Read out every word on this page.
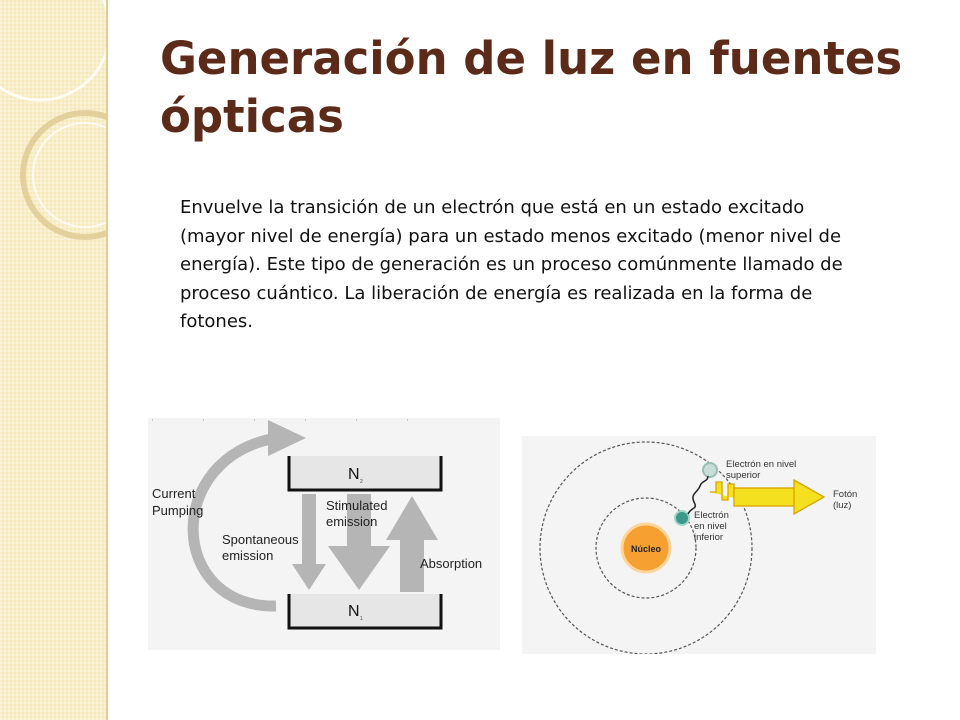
Generación de luz en fuentes ópticas

Envuelve la transición de un electrón que está en un estado excitado (mayor nivel de energía) para un estado menos excitado (menor nivel de energía). Este tipo de generación es un proceso comúnmente llamado de proceso cuántico. La liberación de energía es realizada en la forma de fotones.

N 2
N 1
Current
Pumping
Spontaneous
emission
Stimulated
emission
Absorption
Núcleo
Electrón en nivel
superior
Electrón
en nivel
inferior
Fotón
(luz)
